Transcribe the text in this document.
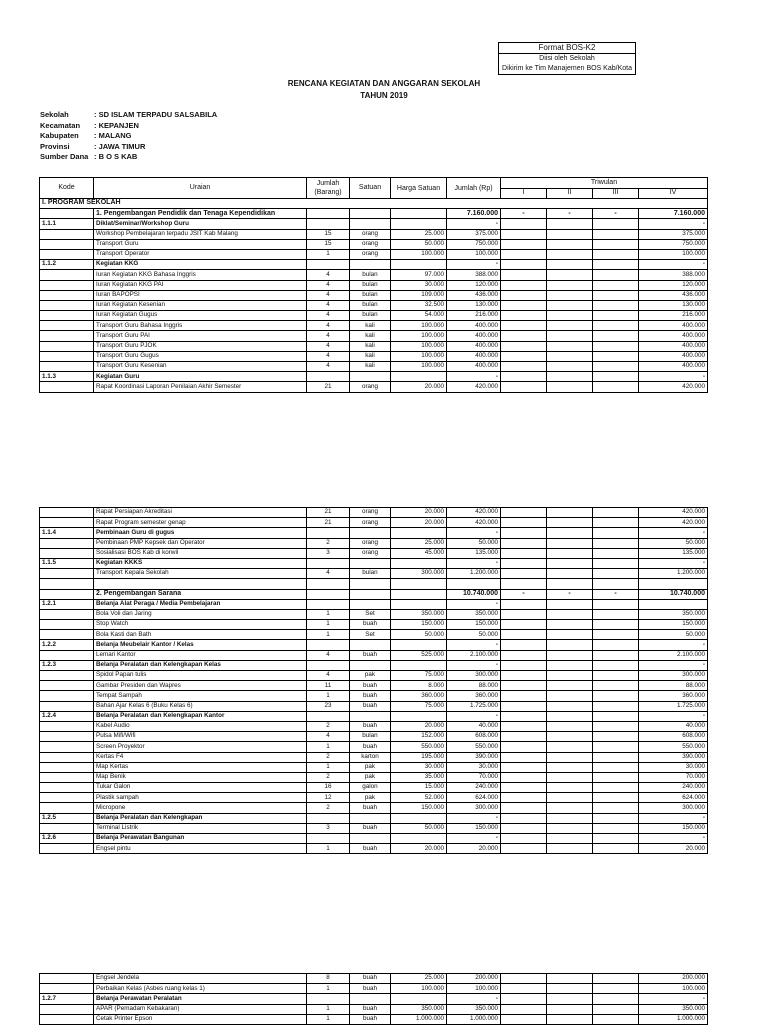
Format BOS-K2
Diisi oleh Sekolah
Dikirim ke Tim Manajemen BOS Kab/Kota
RENCANA KEGIATAN DAN ANGGARAN SEKOLAH
TAHUN 2019
Sekolah	: SD ISLAM TERPADU SALSABILA
Kecamatan	: KEPANJEN
Kabupaten	: MALANG
Provinsi	: JAWA TIMUR
Sumber Dana : B O S KAB
Kode	Uraian	Jumlah (Barang)	Satuan	Harga Satuan	Jumlah (Rp)	Triwulan			
						I	II	III	IV
I. PROGRAM SEKOLAH									
	1. Pengembangan Pendidik dan Tenaga Kependidikan				7.160.000	-	-	-	7.160.000
1.1.1	Diklat/Seminar/Workshop Guru				-				-
	Workshop Pembelajaran terpadu JSIT Kab Malang	15	orang	25.000	375.000				375.000
	Transport Guru	15	orang	50.000	750.000				750.000
	Transport Operator	1	orang	100.000	100.000				100.000
1.1.2	Kegiatan KKG				-				-
	Iuran Kegiatan KKG Bahasa Inggris	4	bulan	97.000	388.000				388.000
	Iuran Kegiatan KKG PAI	4	bulan	30.000	120.000				120.000
	Iuran BAPOPSI	4	bulan	109.000	436.000				436.000
	Iuran Kegiatan Kesenian	4	bulan	32.500	130.000				130.000
	Iuran Kegiatan Gugus	4	bulan	54.000	216.000				216.000
	Transport Guru Bahasa Inggris	4	kali	100.000	400.000				400.000
	Transport Guru PAI	4	kali	100.000	400.000				400.000
	Transport Guru PJOK	4	kali	100.000	400.000				400.000
	Transport Guru Gugus	4	kali	100.000	400.000				400.000
	Transport Guru Kesenian	4	kali	100.000	400.000				400.000
1.1.3	Kegiatan Guru				-				-
	Rapat Koordinasi Laporan Penilaian Akhir Semester	21	orang	20.000	420.000				420.000
	Rapat Persiapan Akreditasi	21	orang	20.000	420.000				420.000
	Rapat Program semester genap	21	orang	20.000	420.000				420.000
1.1.4	Pembinaan Guru di gugus				-				-
	Pembinaan PMP Kepsek dan Operator	2	orang	25.000	50.000				50.000
	Sosialisasi BOS Kab di korwil	3	orang	45.000	135.000				135.000
1.1.5	Kegiatan KKKS				-				-
	Transport Kepala Sekolah	4	bulan	300.000	1.200.000				1.200.000

	2. Pengembangan Sarana				10.740.000	-	-	-	10.740.000
1.2.1	Belanja Alat Peraga / Media Pembelajaran				-				
	Bola Voli dan Jaring	1	Set	350.000	350.000				350.000
	Stop Watch	1	buah	150.000	150.000				150.000
	Bola Kasti dan Bath	1	Set	50.000	50.000				50.000
1.2.2	Belanja Meubelair Kantor / Kelas				-				-
	Lemari Kantor	4	buah	525.000	2.100.000				2.100.000
1.2.3	Belanja Peralatan dan Kelengkapan Kelas				-				-
	Spidol Papan tulis	4	pak	75.000	300.000				300.000
	Gambar Presiden dan Wapres	11	buah	8.000	88.000				88.000
	Tempat Sampah	1	buah	360.000	360.000				360.000
	Bahan Ajar Kelas 6 (Buku Kelas 6)	23	buah	75.000	1.725.000				1.725.000
1.2.4	Belanja Peralatan dan Kelengkapan Kantor				-				-
	Kabel Audio	2	buah	20.000	40.000				40.000
	Pulsa Mifi/Wifi	4	bulan	152.000	608.000				608.000
	Screen Proyektor	1	buah	550.000	550.000				550.000
	Kertas F4	2	karton	195.000	390.000				390.000
	Map Kertas	1	pak	30.000	30.000				30.000
	Map Benik	2	pak	35.000	70.000				70.000
	Tukar Galon	16	galon	15.000	240.000				240.000
	Plastik sampah	12	pak	52.000	624.000				624.000
	Micropone	2	buah	150.000	300.000				300.000
1.2.5	Belanja Peralatan dan Kelengkapan				-				-
	Terminal Listrik	3	buah	50.000	150.000				150.000
1.2.6	Belanja Perawatan Bangunan				-				-
	Engsel pintu	1	buah	20.000	20.000				20.000
	Engsel Jendela	8	buah	25.000	200.000				200.000
	Perbaikan Kelas (Asbes ruang kelas 1)	1	buah	100.000	100.000				100.000
1.2.7	Belanja Perawatan Peralatan				-				-
	APAR (Pemadam Kebakaran)	1	buah	350.000	350.000				350.000
	Cetak Printer Epson	1	buah	1.000.000	1.000.000				1.000.000
